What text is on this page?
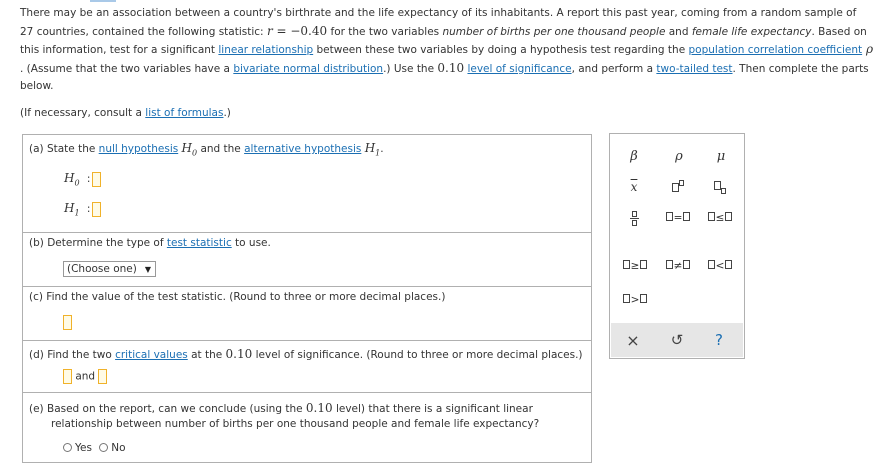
There may be an association between a country's birthrate and the life expectancy of its inhabitants. A report this past year, coming from a random sample of
27 countries, contained the following statistic: r = −0.40 for the two variables number of births per one thousand people and female life expectancy. Based on
this information, test for a significant linear relationship between these two variables by doing a hypothesis test regarding the population correlation coefficient ρ
. (Assume that the two variables have a bivariate normal distribution.) Use the 0.10 level of significance, and perform a two-tailed test. Then complete the parts
below.

(If necessary, consult a list of formulas.)

(a) State the null hypothesis $H_0$ and the alternative hypothesis $H_1$.
$H_0$ :
$H_1$ :
(b) Determine the type of test statistic to use.
(Choose one) ▼
(c) Find the value of the test statistic. (Round to three or more decimal places.)
(d) Find the two critical values at the 0.10 level of significance. (Round to three or more decimal places.)
and
(e) Based on the report, can we conclude (using the 0.10 level) that there is a significant linear
relationship between number of births per one thousand people and female life expectancy?
Yes No
β	ρ	μ
$\overline{x}$
=	≤
≥	≠	<
>
× ↺ ?
